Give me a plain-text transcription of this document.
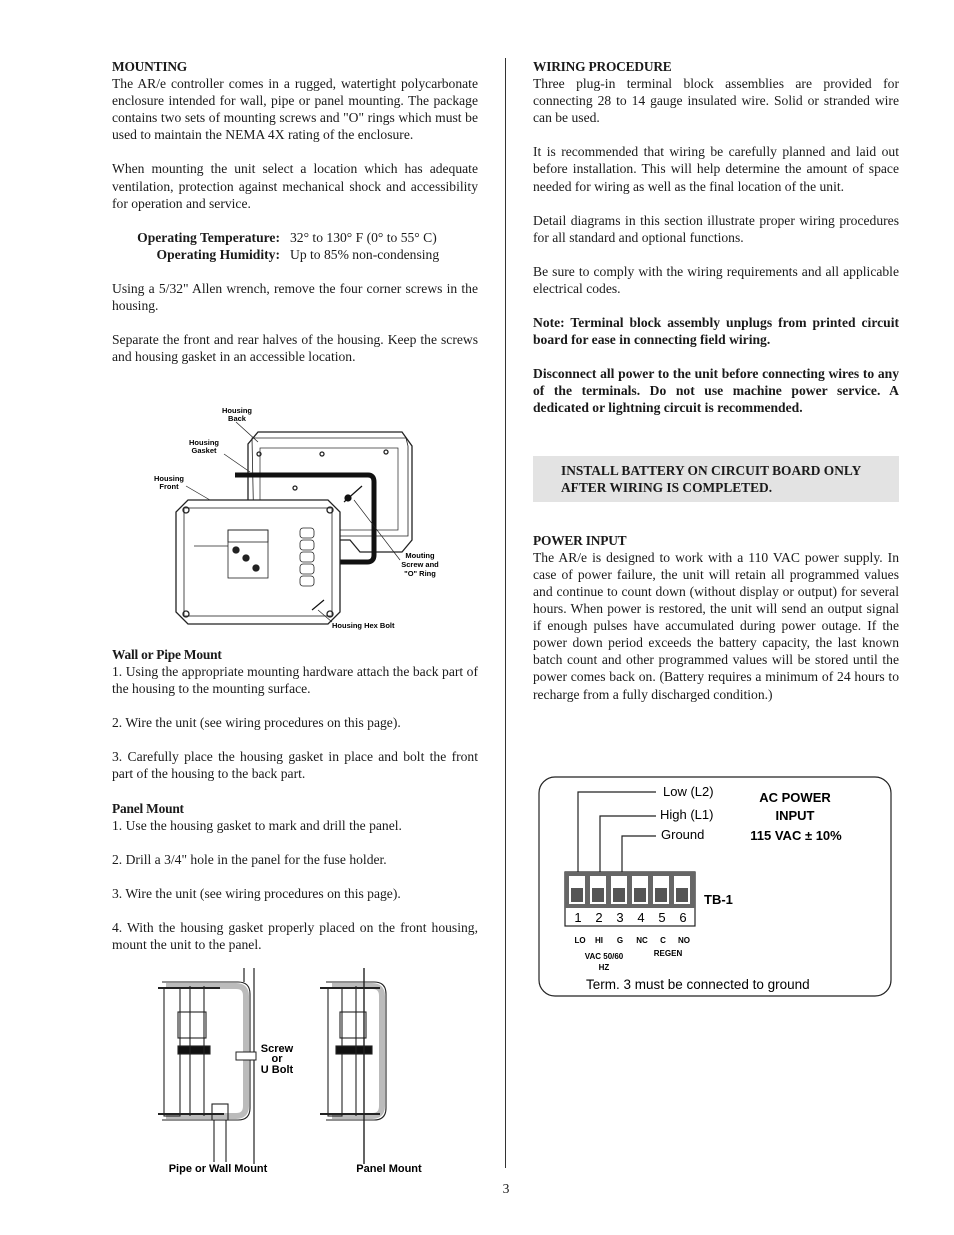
MOUNTING

The AR/e controller comes in a rugged, watertight polycarbonate enclosure intended for wall, pipe or panel mounting. The package contains two sets of mounting screws and "O" rings which must be used to maintain the NEMA 4X rating of the enclosure.

When mounting the unit select a location which has adequate ventilation, protection against mechanical shock and accessibility for operation and service.

Operating Temperature: 32° to 130° F (0° to 55° C)
Operating Humidity: Up to 85% non-condensing

Using a 5/32" Allen wrench, remove the four corner screws in the housing.

Separate the front and rear halves of the housing. Keep the screws and housing gasket in an accessible location.

Housing
Back
Housing
Gasket
Housing
Front
Mouting
Screw and
"O" Ring
Housing Hex Bolt
Wall or Pipe Mount

1. Using the appropriate mounting hardware attach the back part of the housing to the mounting surface.

2. Wire the unit (see wiring procedures on this page).

3. Carefully place the housing gasket in place and bolt the front part of the housing to the back part.

Panel Mount

1. Use the housing gasket to mark and drill the panel.

2. Drill a 3/4" hole in the panel for the fuse holder.

3. Wire the unit (see wiring procedures on this page).

4. With the housing gasket properly placed on the front housing, mount the unit to the panel.

Screw
or
U Bolt
Pipe or Wall Mount	Panel Mount
WIRING PROCEDURE

Three plug-in terminal block assemblies are provided for connecting 28 to 14 gauge insulated wire. Solid or stranded wire can be used.

It is recommended that wiring be carefully planned and laid out before installation. This will help determine the amount of space needed for wiring as well as the final location of the unit.

Detail diagrams in this section illustrate proper wiring procedures for all standard and optional functions.

Be sure to comply with the wiring requirements and all applicable electrical codes.

Note: Terminal block assembly unplugs from printed circuit board for ease in connecting field wiring.

Disconnect all power to the unit before connecting wires to any of the terminals. Do not use machine power service. A dedicated or lightning circuit is recommended.

INSTALL BATTERY ON CIRCUIT BOARD ONLY
AFTER WIRING IS COMPLETED.
POWER INPUT

The AR/e is designed to work with a 110 VAC power supply. In case of power failure, the unit will retain all programmed values and continue to count down (without display or output) for several hours. When power is restored, the unit will send an output signal if enough pulses have accumulated during power outage. If the power down period exceeds the battery capacity, the last known batch count and other programmed values will be stored until the power comes back on. (Battery requires a minimum of 24 hours to recharge from a fully discharged condition.)

1 2 3 4 5 6
LO HI G NC C NO
VAC 50/60
HZ
REGEN
Low (L2)
High (L1)
Ground
AC POWER
INPUT
115 VAC ± 10%
TB-1
Term. 3 must be connected to ground
3
